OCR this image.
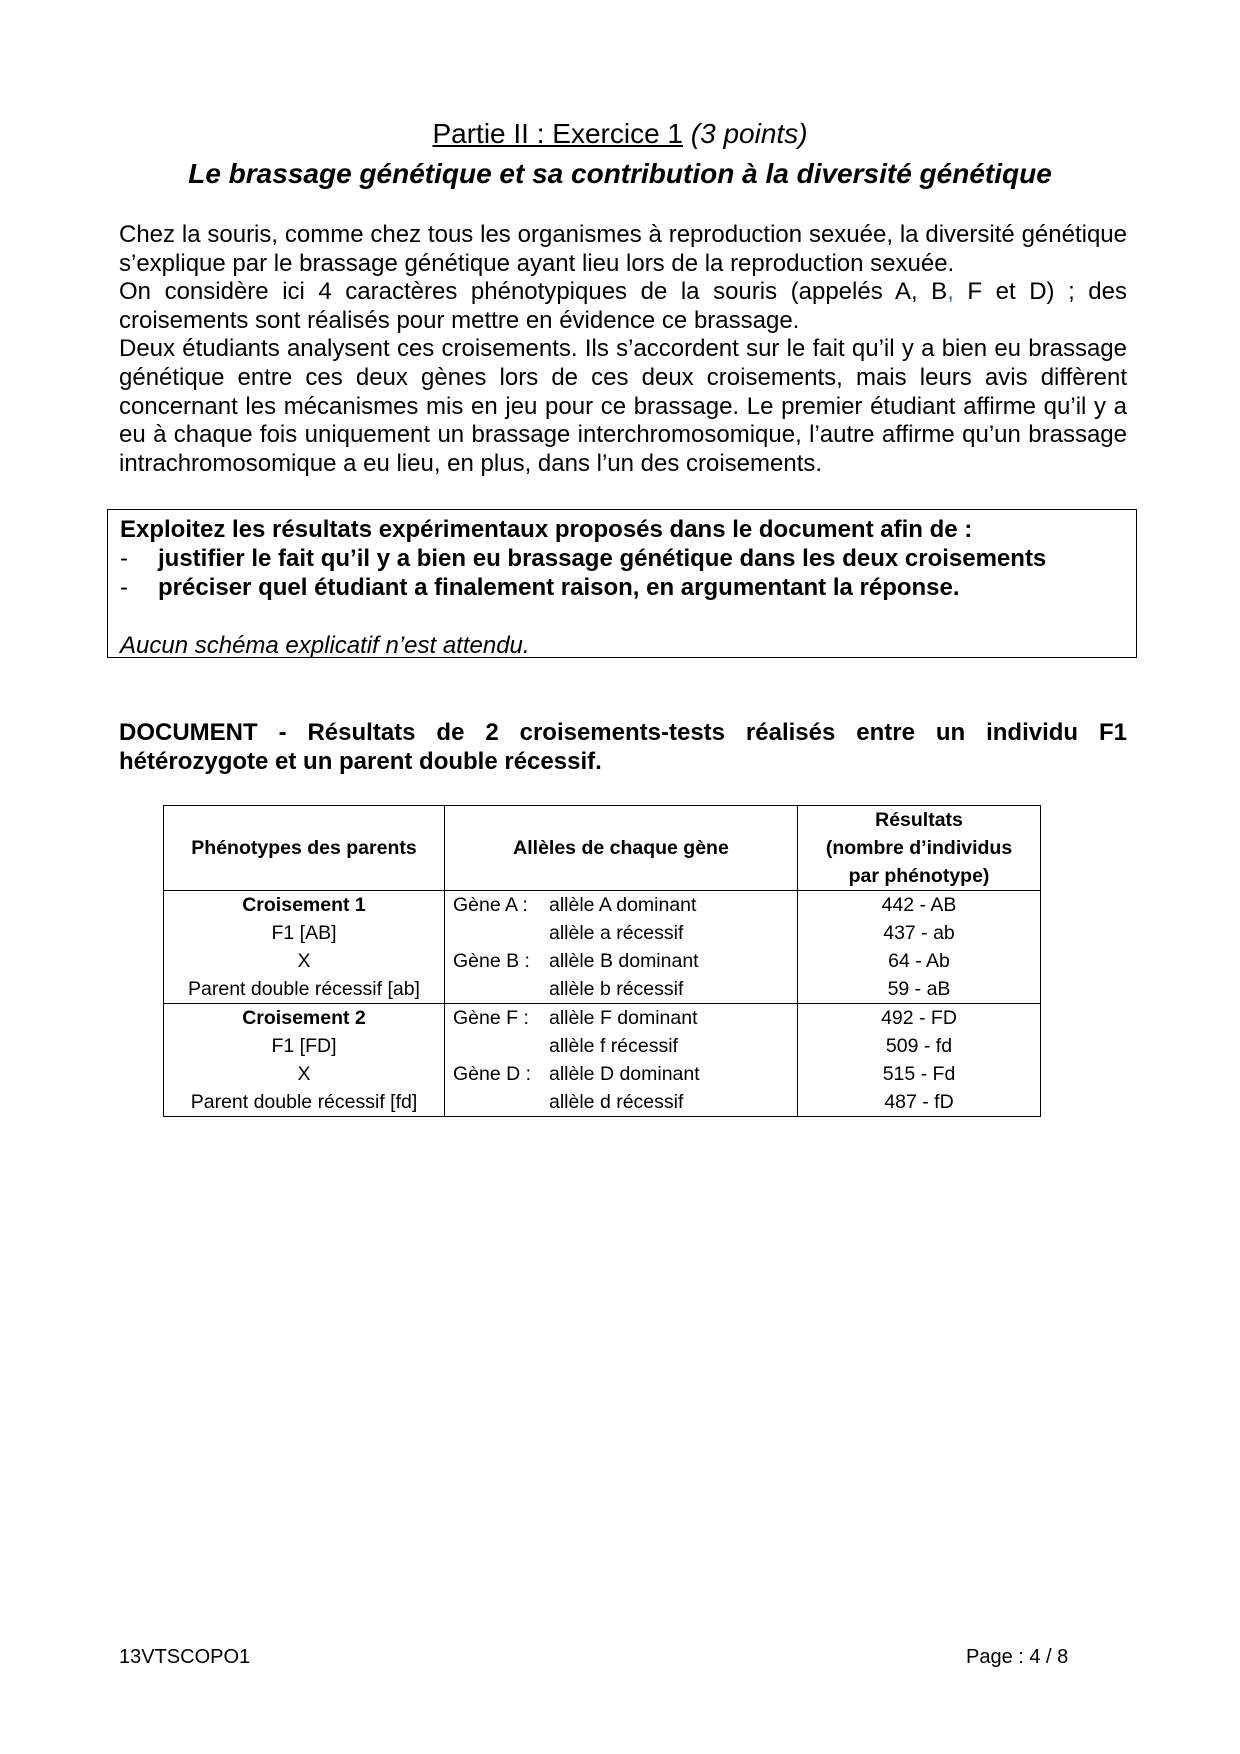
Partie II : Exercice 1 (3 points)
Le brassage génétique et sa contribution à la diversité génétique

Chez la souris, comme chez tous les organismes à reproduction sexuée, la diversité génétique s’explique par le brassage génétique ayant lieu lors de la reproduction sexuée.

On considère ici 4 caractères phénotypiques de la souris (appelés A, B, F et D) ; des croisements sont réalisés pour mettre en évidence ce brassage.

Deux étudiants analysent ces croisements. Ils s’accordent sur le fait qu’il y a bien eu brassage génétique entre ces deux gènes lors de ces deux croisements, mais leurs avis diffèrent concernant les mécanismes mis en jeu pour ce brassage. Le premier étudiant affirme qu’il y a eu à chaque fois uniquement un brassage interchromosomique, l’autre affirme qu’un brassage intrachromosomique a eu lieu, en plus, dans l’un des croisements.

Exploitez les résultats expérimentaux proposés dans le document afin de :
-	justifier le fait qu’il y a bien eu brassage génétique dans les deux croisements
-	préciser quel étudiant a finalement raison, en argumentant la réponse.
Aucun schéma explicatif n’est attendu.
DOCUMENT - Résultats de 2 croisements-tests réalisés entre un individu F1 hétérozygote et un parent double récessif.
Phénotypes des parents	Allèles de chaque gène	Résultats
(nombre d’individus
par phénotype)

Croisement 1	Gène A : allèle A dominant	442 - AB
F1 [AB]	allèle a récessif	437 - ab
X	Gène B : allèle B dominant	64 - Ab
Parent double récessif [ab]	allèle b récessif	59 - aB
Croisement 2	Gène F : allèle F dominant	492 - FD
F1 [FD]	allèle f récessif	509 - fd
X	Gène D : allèle D dominant	515 - Fd
Parent double récessif [fd]	allèle d récessif	487 - fD
13VTSCOPO1	Page : 4 / 8
